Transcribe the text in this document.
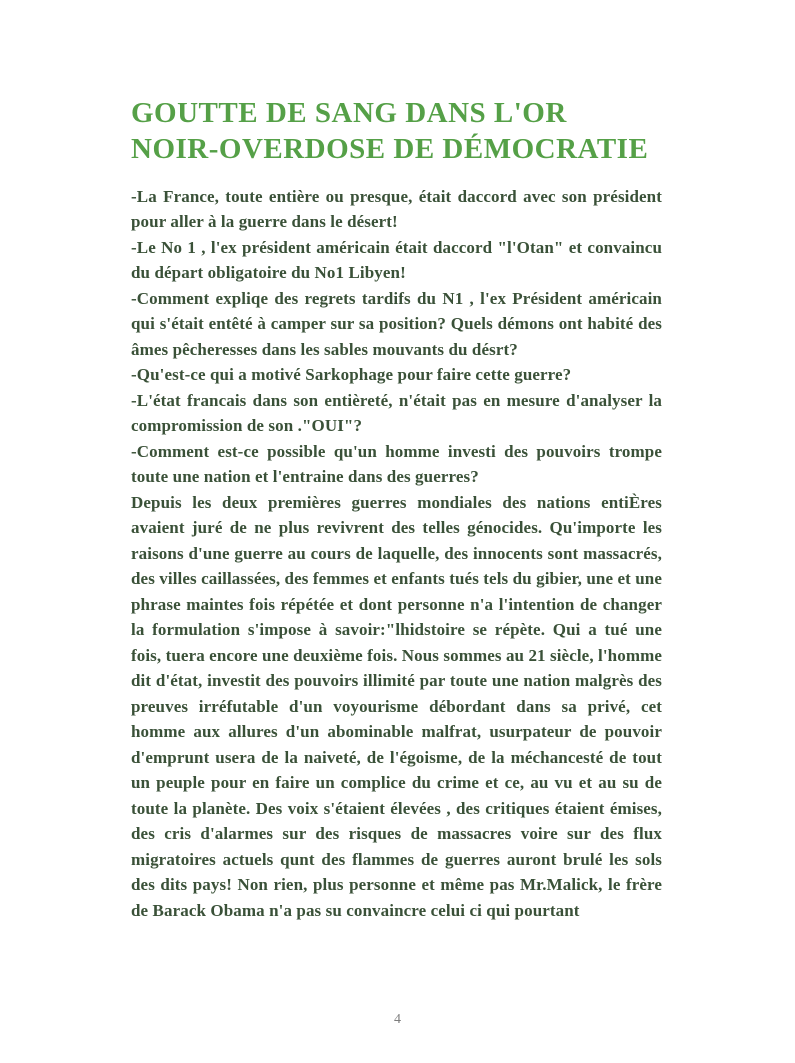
GOUTTE DE SANG DANS L'OR NOIR-OVERDOSE DE DÉMOCRATIE

-La France, toute entière ou presque, était daccord avec son président pour aller à la guerre dans le désert!

-Le No 1 , l'ex président américain était daccord "l'Otan" et convaincu du départ obligatoire du No1 Libyen!

-Comment expliqe des regrets tardifs du N1 , l'ex Président américain qui s'était entêté à camper sur sa position? Quels démons ont habité des âmes pêcheresses dans les sables mouvants du désrt?

-Qu'est-ce qui a motivé Sarkophage pour faire cette guerre?

-L'état francais dans son entièreté, n'était pas en mesure d'analyser la compromission de son ."OUI"?

-Comment est-ce possible qu'un homme investi des pouvoirs trompe toute une nation et l'entraine dans des guerres?

Depuis les deux premières guerres mondiales des nations entiÈres avaient juré de ne plus revivrent des telles génocides. Qu'importe les raisons d'une guerre au cours de laquelle, des innocents sont massacrés, des villes caillassées, des femmes et enfants tués tels du gibier, une et une phrase maintes fois répétée et dont personne n'a l'intention de changer la formulation s'impose à savoir:"lhidstoire se répète. Qui a tué une fois, tuera encore une deuxième fois. Nous sommes au 21 siècle, l'homme dit d'état, investit des pouvoirs illimité par toute une nation malgrès des preuves irréfutable d'un voyourisme débordant dans sa privé, cet homme aux allures d'un abominable malfrat, usurpateur de pouvoir d'emprunt usera de la naiveté, de l'égoisme, de la méchancesté de tout un peuple pour en faire un complice du crime et ce, au vu et au su de toute la planète. Des voix s'étaient élevées , des critiques étaient émises, des cris d'alarmes sur des risques de massacres voire sur des flux migratoires actuels qunt des flammes de guerres auront brulé les sols des dits pays! Non rien, plus personne et même pas Mr.Malick, le frère de Barack Obama n'a pas su convaincre celui ci qui pourtant

4
